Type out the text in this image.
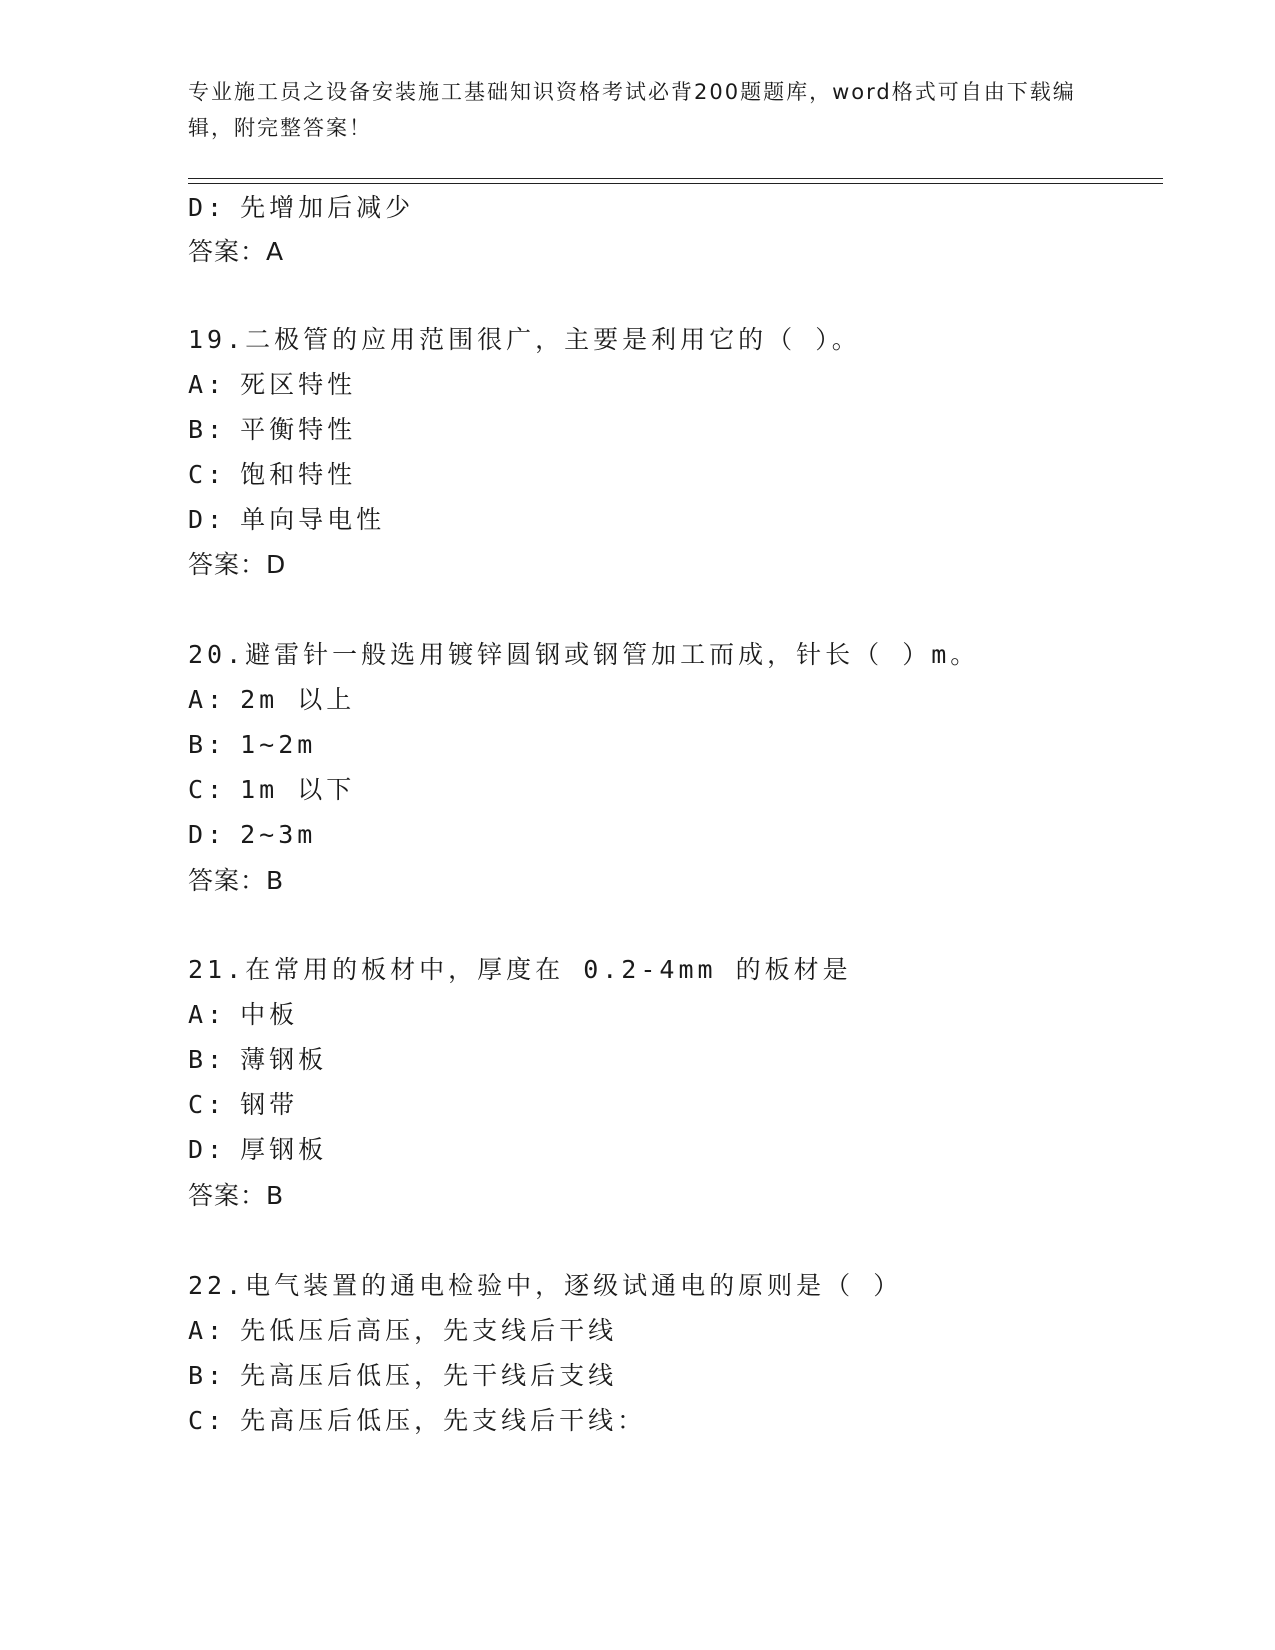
专业施工员之设备安装施工基础知识资格考试必背200题题库，word格式可自由下载编辑，附完整答案！
D: 先增加后减少
答案：A
19.二极管的应用范围很广，主要是利用它的（ ）。
A: 死区特性
B: 平衡特性
C: 饱和特性
D: 单向导电性
答案：D
20.避雷针一般选用镀锌圆钢或钢管加工而成，针长（ ）m。
A: 2m 以上
B: 1~2m
C: 1m 以下
D: 2~3m
答案：B
21.在常用的板材中，厚度在 0.2-4mm 的板材是
A: 中板
B: 薄钢板
C: 钢带
D: 厚钢板
答案：B
22.电气装置的通电检验中，逐级试通电的原则是（ ）
A: 先低压后高压，先支线后干线
B: 先高压后低压，先干线后支线
C: 先高压后低压，先支线后干线：
